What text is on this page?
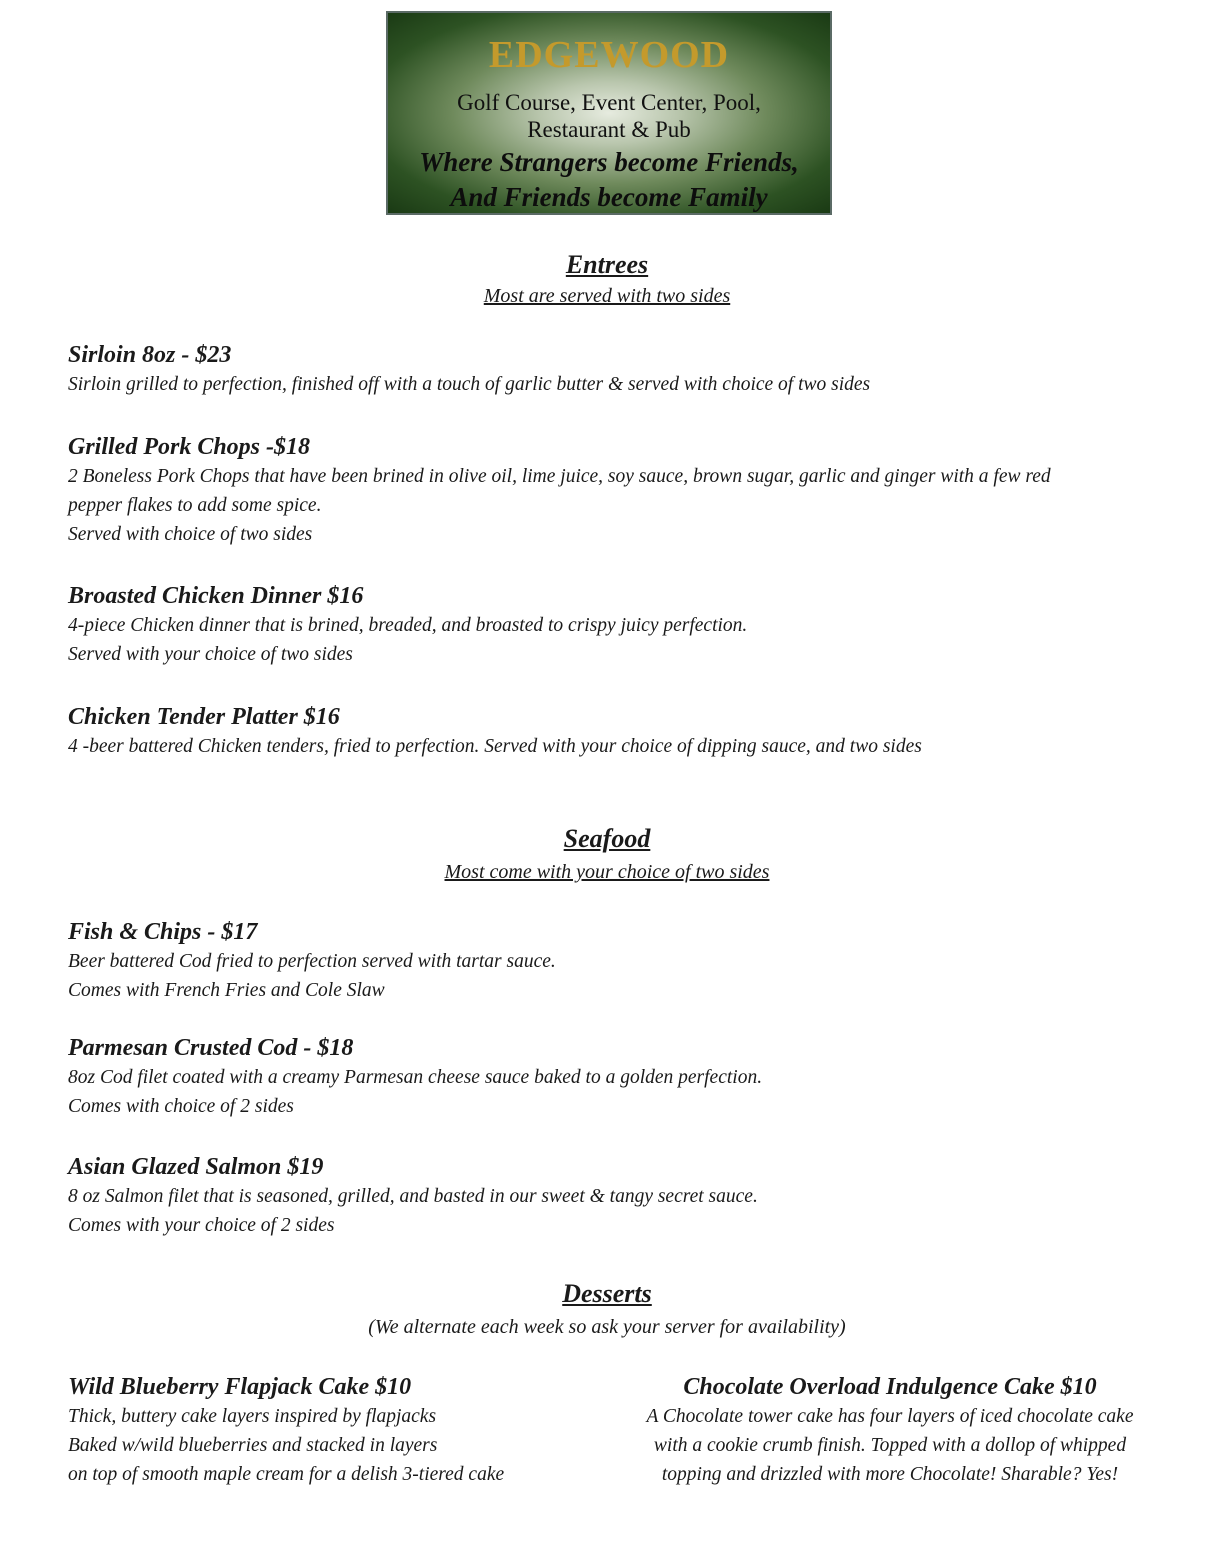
EDGEWOOD
Golf Course, Event Center, Pool,
Restaurant & Pub
Where Strangers become Friends,
And Friends become Family
Entrees
Most are served with two sides
Sirloin 8oz - $23
Sirloin grilled to perfection, finished off with a touch of garlic butter & served with choice of two sides
Grilled Pork Chops -$18
2 Boneless Pork Chops that have been brined in olive oil, lime juice, soy sauce, brown sugar, garlic and ginger with a few red
pepper flakes to add some spice.
Served with choice of two sides
Broasted Chicken Dinner $16
4-piece Chicken dinner that is brined, breaded, and broasted to crispy juicy perfection.
Served with your choice of two sides
Chicken Tender Platter $16
4 -beer battered Chicken tenders, fried to perfection. Served with your choice of dipping sauce, and two sides
Seafood
Most come with your choice of two sides
Fish & Chips - $17
Beer battered Cod fried to perfection served with tartar sauce.
Comes with French Fries and Cole Slaw
Parmesan Crusted Cod - $18
8oz Cod filet coated with a creamy Parmesan cheese sauce baked to a golden perfection.
Comes with choice of 2 sides
Asian Glazed Salmon $19
8 oz Salmon filet that is seasoned, grilled, and basted in our sweet & tangy secret sauce.
Comes with your choice of 2 sides
Desserts
(We alternate each week so ask your server for availability)
Wild Blueberry Flapjack Cake $10
Thick, buttery cake layers inspired by flapjacks
Baked w/wild blueberries and stacked in layers
on top of smooth maple cream for a delish 3-tiered cake
Chocolate Overload Indulgence Cake $10
A Chocolate tower cake has four layers of iced chocolate cake
with a cookie crumb finish. Topped with a dollop of whipped
topping and drizzled with more Chocolate! Sharable? Yes!
